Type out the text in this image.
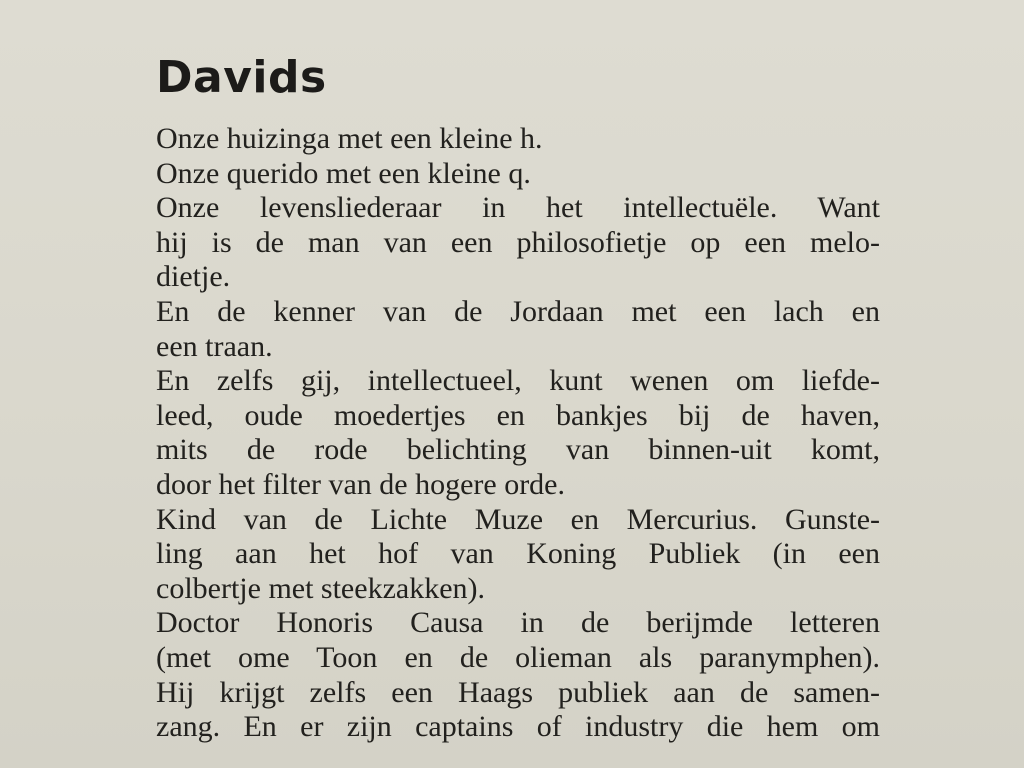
Davids
Onze huizinga met een kleine h.
Onze querido met een kleine q.
Onze levensliederaar in het intellectuële. Want
hij is de man van een philosofietje op een melo-
dietje.
En de kenner van de Jordaan met een lach en
een traan.
En zelfs gij, intellectueel, kunt wenen om liefde-
leed, oude moedertjes en bankjes bij de haven,
mits de rode belichting van binnen-uit komt,
door het filter van de hogere orde.
Kind van de Lichte Muze en Mercurius. Gunste-
ling aan het hof van Koning Publiek (in een
colbertje met steekzakken).
Doctor Honoris Causa in de berijmde letteren
(met ome Toon en de olieman als paranymphen).
Hij krijgt zelfs een Haags publiek aan de samen-
zang. En er zijn captains of industry die hem om
